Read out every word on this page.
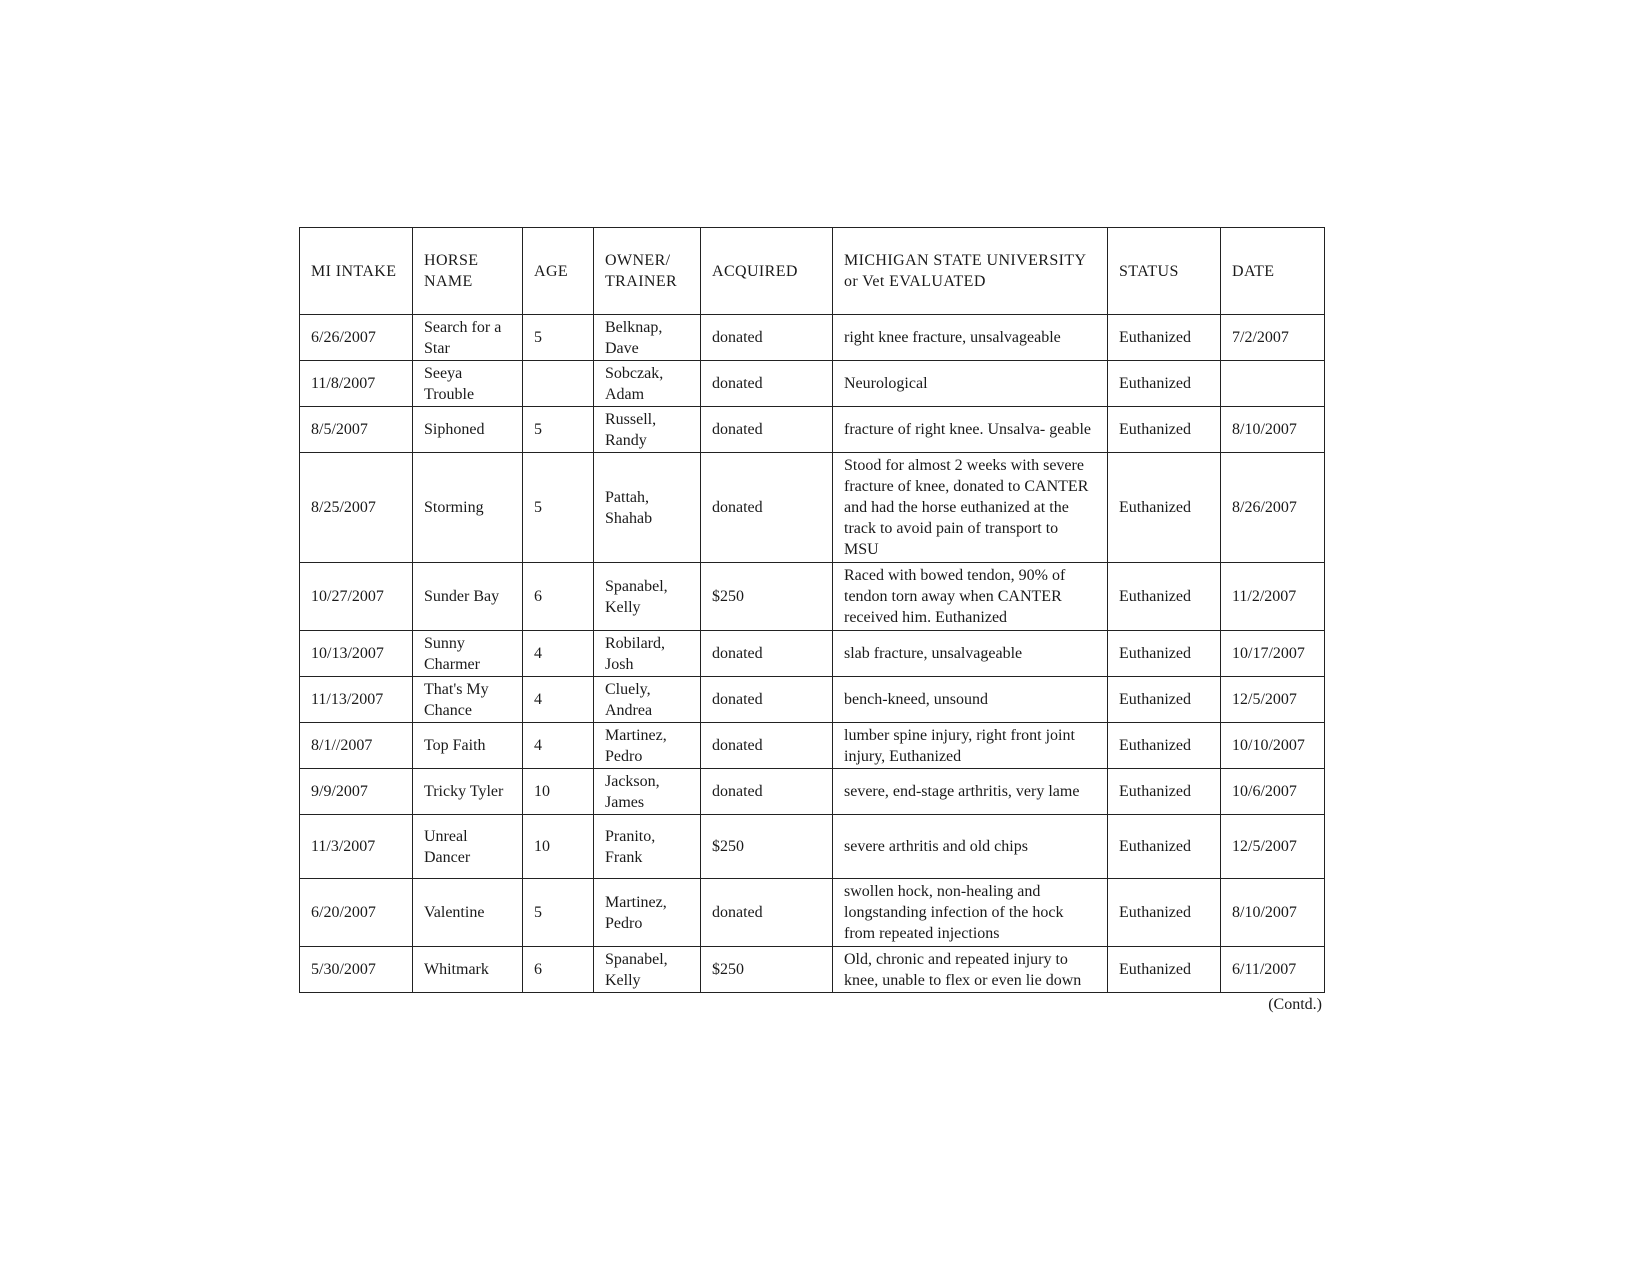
MI INTAKE	HORSE NAME	AGE	OWNER/ TRAINER	ACQUIRED	MICHIGAN STATE UNIVERSITY or Vet EVALUATED	STATUS	DATE
6/26/2007	Search for a Star	5	Belknap, Dave	donated	right knee fracture, unsalvageable	Euthanized	7/2/2007
11/8/2007	Seeya Trouble		Sobczak, Adam	donated	Neurological	Euthanized	
8/5/2007	Siphoned	5	Russell, Randy	donated	fracture of right knee. Unsalva- geable	Euthanized	8/10/2007
8/25/2007	Storming	5	Pattah, Shahab	donated	Stood for almost 2 weeks with severe fracture of knee, donated to CANTER and had the horse euthanized at the track to avoid pain of transport to MSU	Euthanized	8/26/2007
10/27/2007	Sunder Bay	6	Spanabel, Kelly	$250	Raced with bowed tendon, 90% of tendon torn away when CANTER received him. Euthanized	Euthanized	11/2/2007
10/13/2007	Sunny Charmer	4	Robilard, Josh	donated	slab fracture, unsalvageable	Euthanized	10/17/2007
11/13/2007	That's My Chance	4	Cluely, Andrea	donated	bench-kneed, unsound	Euthanized	12/5/2007
8/1//2007	Top Faith	4	Martinez, Pedro	donated	lumber spine injury, right front joint injury, Euthanized	Euthanized	10/10/2007
9/9/2007	Tricky Tyler	10	Jackson, James	donated	severe, end-stage arthritis, very lame	Euthanized	10/6/2007
11/3/2007	Unreal Dancer	10	Pranito, Frank	$250	severe arthritis and old chips	Euthanized	12/5/2007
6/20/2007	Valentine	5	Martinez, Pedro	donated	swollen hock, non-healing and longstanding infection of the hock from repeated injections	Euthanized	8/10/2007
5/30/2007	Whitmark	6	Spanabel, Kelly	$250	Old, chronic and repeated injury to knee, unable to flex or even lie down	Euthanized	6/11/2007
(Contd.)
